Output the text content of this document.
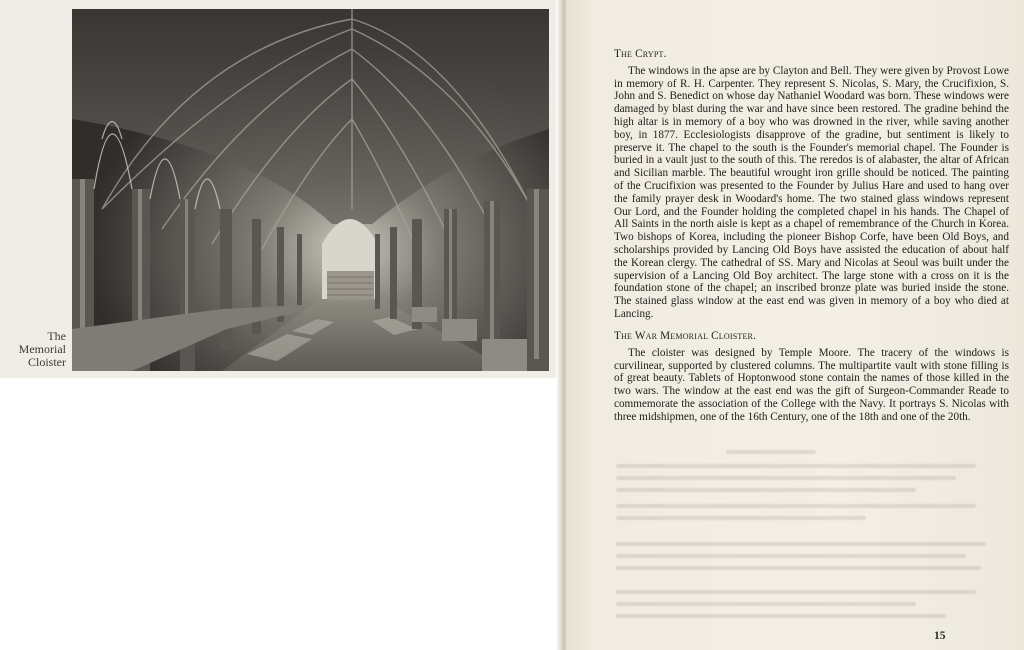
The
Memorial
Cloister

The Crypt.

The windows in the apse are by Clayton and Bell. They were given by Provost Lowe in memory of R. H. Carpenter. They represent S. Nicolas, S. Mary, the Crucifixion, S. John and S. Benedict on whose day Nathaniel Woodard was born. These windows were damaged by blast during the war and have since been restored. The gradine behind the high altar is in memory of a boy who was drowned in the river, while saving another boy, in 1877. Ecclesiologists disapprove of the gradine, but sentiment is likely to preserve it. The chapel to the south is the Founder's memorial chapel. The Founder is buried in a vault just to the south of this. The reredos is of alabaster, the altar of African and Sicilian marble. The beautiful wrought iron grille should be noticed. The painting of the Crucifixion was presented to the Founder by Julius Hare and used to hang over the family prayer desk in Woodard's home. The two stained glass windows represent Our Lord, and the Founder holding the completed chapel in his hands. The Chapel of All Saints in the north aisle is kept as a chapel of remembrance of the Church in Korea. Two bishops of Korea, including the pioneer Bishop Corfe, have been Old Boys, and scholarships provided by Lancing Old Boys have assisted the education of about half the Korean clergy. The cathedral of SS. Mary and Nicolas at Seoul was built under the supervision of a Lancing Old Boy architect. The large stone with a cross on it is the foundation stone of the chapel; an inscribed bronze plate was buried inside the stone. The stained glass window at the east end was given in memory of a boy who died at Lancing.

The War Memorial Cloister.

The cloister was designed by Temple Moore. The tracery of the windows is curvilinear, supported by clustered columns. The multipartite vault with stone filling is of great beauty. Tablets of Hoptonwood stone contain the names of those killed in the two wars. The window at the east end was the gift of Surgeon-Commander Reade to commemorate the association of the College with the Navy. It portrays S. Nicolas with three midshipmen, one of the 16th Century, one of the 18th and one of the 20th.

15
